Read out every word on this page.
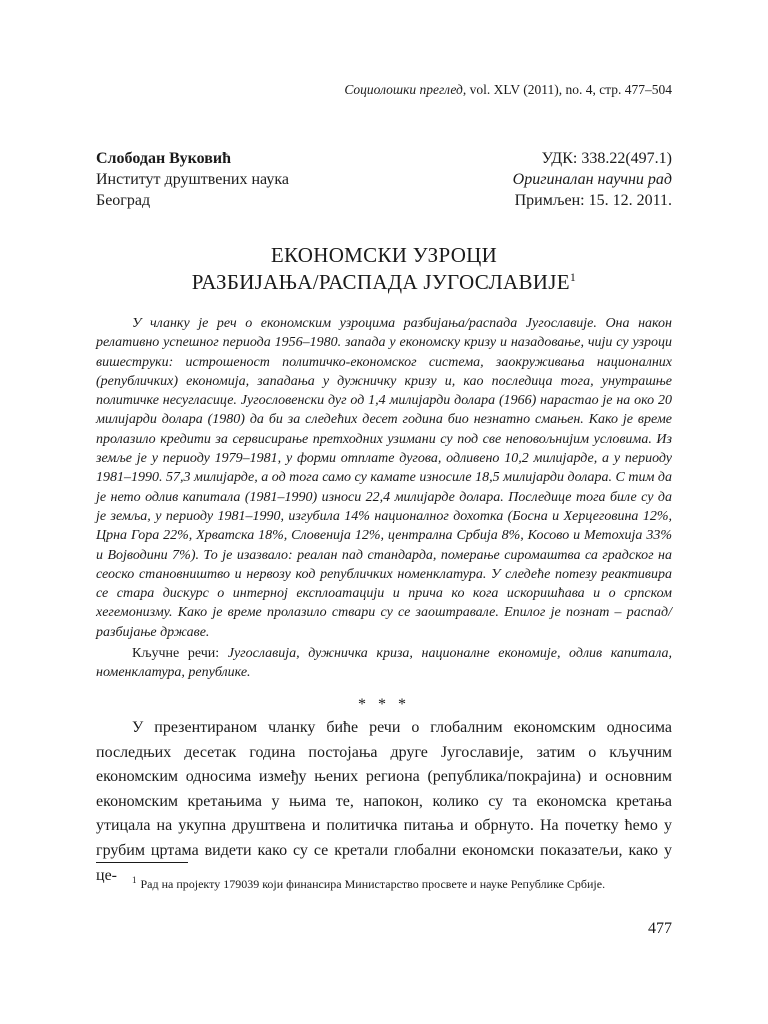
Социолошки преглед, vol. XLV (2011), no. 4, стр. 477–504
Слободан Вуковић	УДК: 338.22(497.1)
Институт друштвених наука	Оригиналан научни рад
Београд	Примљен: 15. 12. 2011.
ЕКОНОМСКИ УЗРОЦИ
РАЗБИЈАЊА/РАСПАДА ЈУГОСЛАВИЈЕ$^1$

У чланку је реч о економским узроцима разбијања/распада Југославије. Она након релативно успешног периода 1956–1980. запада у економску кризу и назадовање, чији су узроци вишеструки: истрошеност политичко-економског система, заокруживања националних (републичких) економија, западања у дужничку кризу и, као последица тога, унутрашње политичке несугласице. Југословенски дуг од 1,4 милијарди долара (1966) нарастао је на око 20 милијарди долара (1980) да би за следећих десет година био незнатно смањен. Како је време пролазило кредити за сервисирање претходних узимани су под све неповољнијим условима. Из земље је у периоду 1979–1981, у форми отплате дугова, одливено 10,2 милијарде, а у периоду 1981–1990. 57,3 милијарде, а од тога само су камате износиле 18,5 милијарди долара. С тим да је нето одлив капитала (1981–1990) износи 22,4 милијарде долара. Последице тога биле су да је земља, у периоду 1981–1990, изгубила 14% националног дохотка (Босна и Херцеговина 12%, Црна Гора 22%, Хрватска 18%, Словенија 12%, централна Србија 8%, Косово и Метохија 33% и Војводини 7%). То је изазвало: реалан пад стандарда, померање сиромаштва са градског на сеоско становништво и нервозу код републичких номенклатура. У следеће потезу реактивира се стара дискурс о интерној експлоатацији и прича ко кога искоришћава и о српском хегемонизму. Како је време пролазило ствари су се заоштравале. Епилог је познат – распад/разбијање државе.

Кључне речи: Југославија, дужничка криза, националне економије, одлив капитала, номенклатура, републике.

* * *

У презентираном чланку биће речи о глобалним економским односима последњих десетак година постојања друге Југославије, затим о кључним економским односима између њених региона (република/покрајина) и основним економским кретањима у њима те, напокон, колико су та економска кретања утицала на укупна друштвена и политичка питања и обрнуто. На почетку ћемо у грубим цртама видети како су се кретали глобални економски показатељи, како у це-	$^1$ Рад на пројекту 179039 који финансира Министарство просвете и науке Републике Србије.
477
